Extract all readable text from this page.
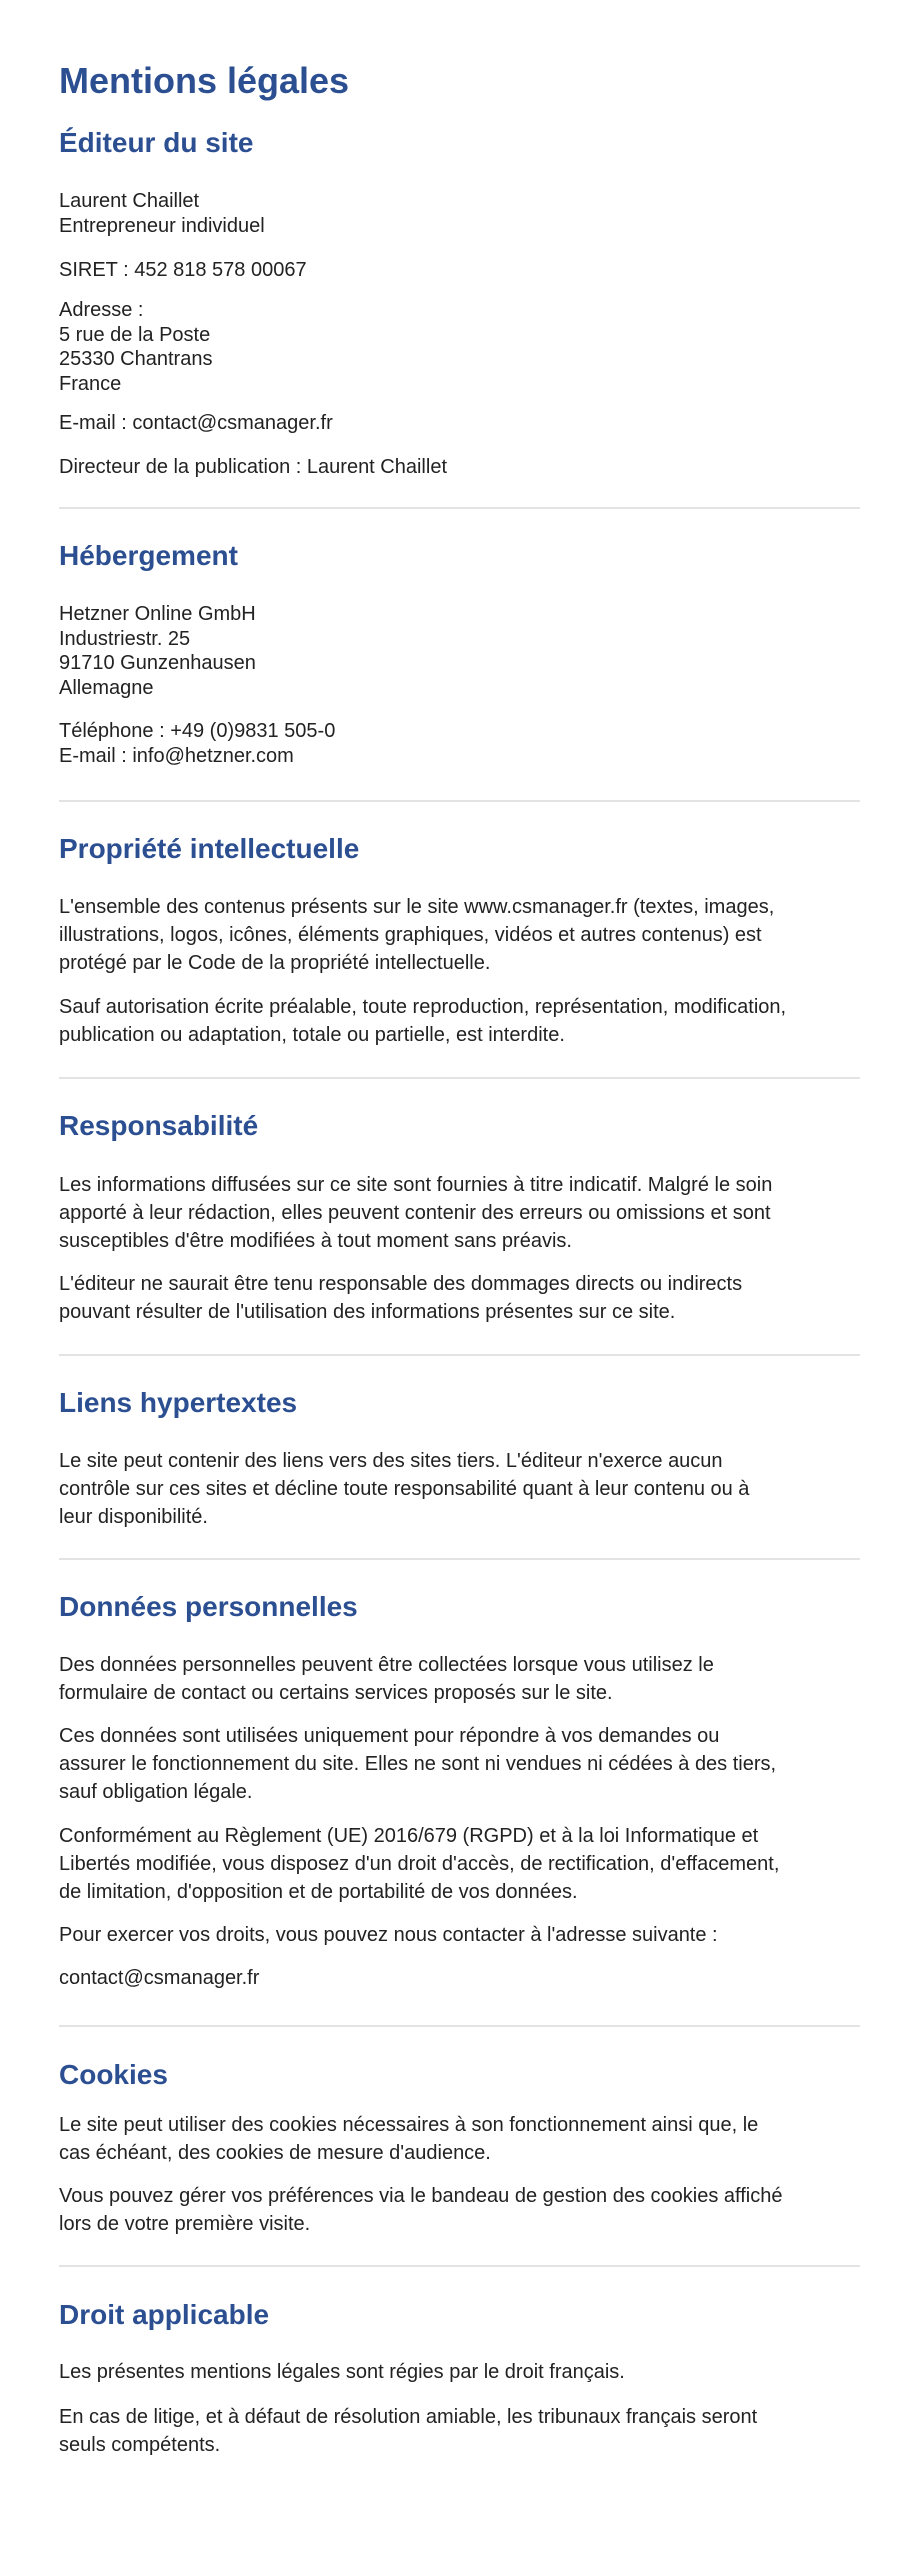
Mentions légales
Éditeur du site
Laurent Chaillet
Entrepreneur individuel
SIRET : 452 818 578 00067
Adresse :
5 rue de la Poste
25330 Chantrans
France
E-mail : contact@csmanager.fr
Directeur de la publication : Laurent Chaillet
Hébergement
Hetzner Online GmbH
Industriestr. 25
91710 Gunzenhausen
Allemagne
Téléphone : +49 (0)9831 505-0
E-mail : info@hetzner.com
Propriété intellectuelle

L'ensemble des contenus présents sur le site www.csmanager.fr (textes, images,

illustrations, logos, icônes, éléments graphiques, vidéos et autres contenus) est

protégé par le Code de la propriété intellectuelle.

Sauf autorisation écrite préalable, toute reproduction, représentation, modification,

publication ou adaptation, totale ou partielle, est interdite.

Responsabilité

Les informations diffusées sur ce site sont fournies à titre indicatif. Malgré le soin

apporté à leur rédaction, elles peuvent contenir des erreurs ou omissions et sont

susceptibles d'être modifiées à tout moment sans préavis.

L'éditeur ne saurait être tenu responsable des dommages directs ou indirects

pouvant résulter de l'utilisation des informations présentes sur ce site.

Liens hypertextes

Le site peut contenir des liens vers des sites tiers. L'éditeur n'exerce aucun

contrôle sur ces sites et décline toute responsabilité quant à leur contenu ou à

leur disponibilité.

Données personnelles

Des données personnelles peuvent être collectées lorsque vous utilisez le

formulaire de contact ou certains services proposés sur le site.

Ces données sont utilisées uniquement pour répondre à vos demandes ou

assurer le fonctionnement du site. Elles ne sont ni vendues ni cédées à des tiers,

sauf obligation légale.

Conformément au Règlement (UE) 2016/679 (RGPD) et à la loi Informatique et

Libertés modifiée, vous disposez d'un droit d'accès, de rectification, d'effacement,

de limitation, d'opposition et de portabilité de vos données.

Pour exercer vos droits, vous pouvez nous contacter à l'adresse suivante :

contact@csmanager.fr

Cookies

Le site peut utiliser des cookies nécessaires à son fonctionnement ainsi que, le

cas échéant, des cookies de mesure d'audience.

Vous pouvez gérer vos préférences via le bandeau de gestion des cookies affiché

lors de votre première visite.

Droit applicable

Les présentes mentions légales sont régies par le droit français.

En cas de litige, et à défaut de résolution amiable, les tribunaux français seront

seuls compétents.
